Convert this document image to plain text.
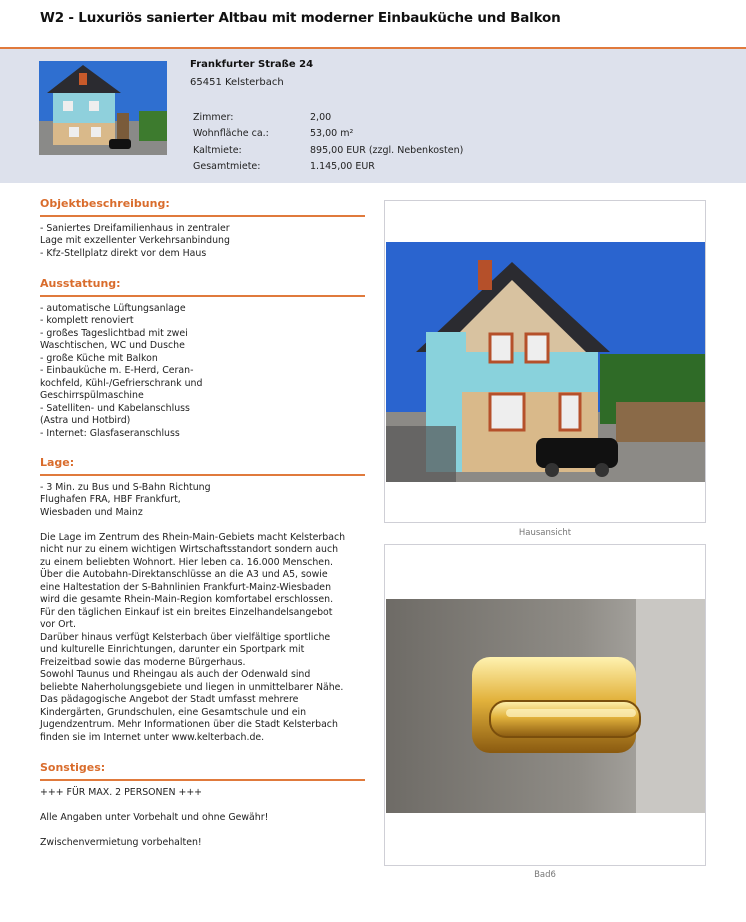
W2 - Luxuriös sanierter Altbau mit moderner Einbauküche und Balkon
Frankfurter Straße 24
65451 Kelsterbach
Zimmer:	2,00
Wohnfläche ca.:	53,00 m²
Kaltmiete:	895,00 EUR (zzgl. Nebenkosten)
Gesamtmiete:	1.145,00 EUR
Objektbeschreibung:
- Saniertes Dreifamilienhaus in zentraler
Lage mit exzellenter Verkehrsanbindung
- Kfz-Stellplatz direkt vor dem Haus
Ausstattung:
- automatische Lüftungsanlage
- komplett renoviert
- großes Tageslichtbad mit zwei
Waschtischen, WC und Dusche
- große Küche mit Balkon
- Einbauküche m. E-Herd, Ceran-
kochfeld, Kühl-/Gefrierschrank und
Geschirrspülmaschine
- Satelliten- und Kabelanschluss
(Astra und Hotbird)
- Internet: Glasfaseranschluss
Lage:
- 3 Min. zu Bus und S-Bahn Richtung
Flughafen FRA, HBF Frankfurt,
Wiesbaden und Mainz

Die Lage im Zentrum des Rhein-Main-Gebiets macht Kelsterbach
nicht nur zu einem wichtigen Wirtschaftsstandort sondern auch
zu einem beliebten Wohnort. Hier leben ca. 16.000 Menschen.
Über die Autobahn-Direktanschlüsse an die A3 und A5, sowie
eine Haltestation der S-Bahnlinien Frankfurt-Mainz-Wiesbaden
wird die gesamte Rhein-Main-Region komfortabel erschlossen.
Für den täglichen Einkauf ist ein breites Einzelhandelsangebot
vor Ort.
Darüber hinaus verfügt Kelsterbach über vielfältige sportliche
und kulturelle Einrichtungen, darunter ein Sportpark mit
Freizeitbad sowie das moderne Bürgerhaus.
Sowohl Taunus und Rheingau als auch der Odenwald sind
beliebte Naherholungsgebiete und liegen in unmittelbarer Nähe.
Das pädagogische Angebot der Stadt umfasst mehrere
Kindergärten, Grundschulen, eine Gesamtschule und ein
Jugendzentrum. Mehr Informationen über die Stadt Kelsterbach
finden sie im Internet unter www.kelterbach.de.
Sonstiges:
+++ FÜR MAX. 2 PERSONEN +++

Alle Angaben unter Vorbehalt und ohne Gewähr!

Zwischenvermietung vorbehalten!
Hausansicht
Bad6
